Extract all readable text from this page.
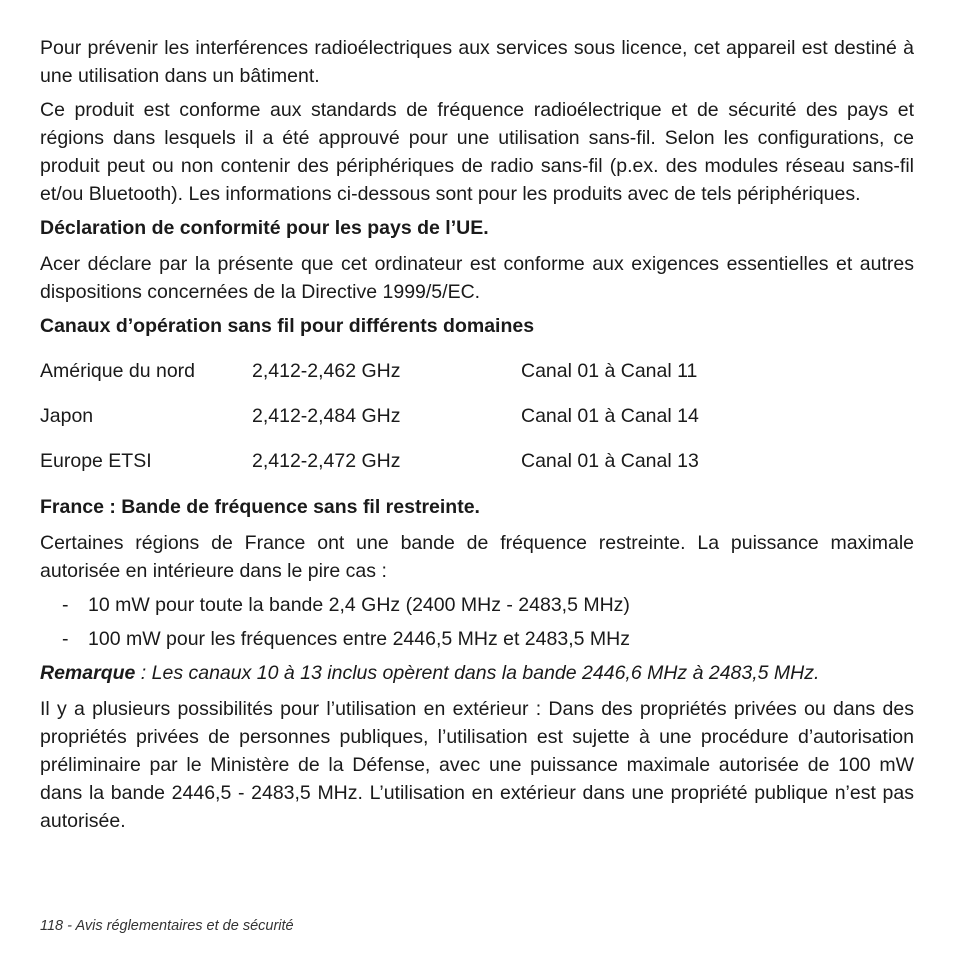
Pour prévenir les interférences radioélectriques aux services sous licence, cet appareil est destiné à une utilisation dans un bâtiment.

Ce produit est conforme aux standards de fréquence radioélectrique et de sécurité des pays et régions dans lesquels il a été approuvé pour une utilisation sans-fil. Selon les configurations, ce produit peut ou non contenir des périphériques de radio sans-fil (p.ex. des modules réseau sans-fil et/ou Bluetooth). Les informations ci-dessous sont pour les produits avec de tels périphériques.

Déclaration de conformité pour les pays de l’UE.

Acer déclare par la présente que cet ordinateur est conforme aux exigences essentielles et autres dispositions concernées de la Directive 1999/5/EC.

Canaux d’opération sans fil pour différents domaines
Amérique du nord	2,412-2,462 GHz	Canal 01 à Canal 11
Japon	2,412-2,484 GHz	Canal 01 à Canal 14
Europe ETSI	2,412-2,472 GHz	Canal 01 à Canal 13
France : Bande de fréquence sans fil restreinte.

Certaines régions de France ont une bande de fréquence restreinte. La puissance maximale autorisée en intérieure dans le pire cas :

-	10 mW pour toute la bande 2,4 GHz (2400 MHz - 2483,5 MHz)
-	100 mW pour les fréquences entre 2446,5 MHz et 2483,5 MHz
Remarque : Les canaux 10 à 13 inclus opèrent dans la bande 2446,6 MHz à 2483,5 MHz.

Il y a plusieurs possibilités pour l’utilisation en extérieur : Dans des propriétés privées ou dans des propriétés privées de personnes publiques, l’utilisation est sujette à une procédure d’autorisation préliminaire par le Ministère de la Défense, avec une puissance maximale autorisée de 100 mW dans la bande 2446,5 - 2483,5 MHz. L’utilisation en extérieur dans une propriété publique n’est pas autorisée.

118 - Avis réglementaires et de sécurité
